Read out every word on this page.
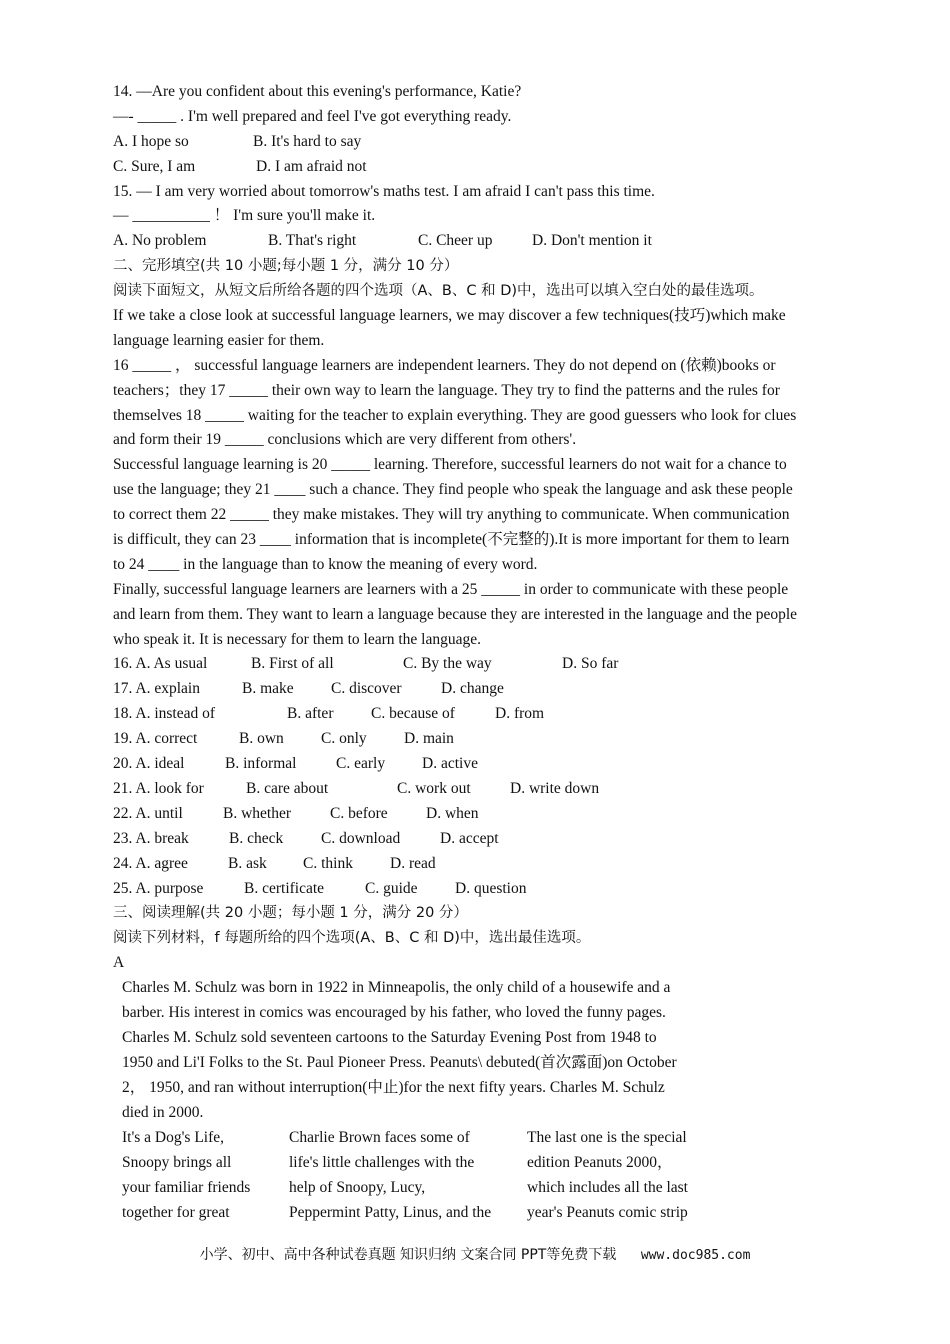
14. —Are you confident about this evening's performance, Katie?
—- _____ . I'm well prepared and feel I've got everything ready.
A. I hope so	B. It's hard to say
C. Sure, I am	D. I am afraid not
15. — I am very worried about tomorrow's maths test. I am afraid I can't pass this time.
— __________ ！ I'm sure you'll make it.
A. No problem	B. That's right	C. Cheer up	D. Don't mention it
二、完形填空(共 10 小题;每小题 1 分，满分 10 分）
阅读下面短文，从短文后所给各题的四个选项（A、B、C 和 D)中，选出可以填入空白处的最佳选项。
If we take a close look at successful language learners, we may discover a few techniques(技巧)which make
language learning easier for them.
16 _____ ， successful language learners are independent learners. They do not depend on (依赖)books or
teachers；they 17 _____ their own way to learn the language. They try to find the patterns and the rules for
themselves 18 _____ waiting for the teacher to explain everything. They are good guessers who look for clues
and form their 19 _____ conclusions which are very different from others'.
Successful language learning is 20 _____ learning. Therefore, successful learners do not wait for a chance to
use the language; they 21 ____ such a chance. They find people who speak the language and ask these people
to correct them 22 _____ they make mistakes. They will try anything to communicate. When communication
is difficult, they can 23 ____ information that is incomplete(不完整的).It is more important for them to learn
to 24 ____ in the language than to know the meaning of every word.
Finally, successful language learners are learners with a 25 _____ in order to communicate with these people
and learn from them. They want to learn a language because they are interested in the language and the people
who speak it. It is necessary for them to learn the language.
16. A. As usual	B. First of all	C. By the way	D. So far
17. A. explain	B. make	C. discover	D. change
18. A. instead of	B. after	C. because of	D. from
19. A. correct	B. own	C. only	D. main
20. A. ideal	B. informal	C. early	D. active
21. A. look for	B. care about	C. work out	D. write down
22. A. until	B. whether	C. before	D. when
23. A. break	B. check	C. download	D. accept
24. A. agree	B. ask	C. think	D. read
25. A. purpose	B. certificate	C. guide	D. question
三、阅读理解(共 20 小题；每小题 1 分，满分 20 分）
阅读下列材料，f 每题所给的四个选项(A、B、C 和 D)中，选出最佳选项。
A
Charles M. Schulz was born in 1922 in Minneapolis, the only child of a housewife and a
barber. His interest in comics was encouraged by his father, who loved the funny pages.
Charles M. Schulz sold seventeen cartoons to the Saturday Evening Post from 1948 to
1950 and Li'I Folks to the St. Paul Pioneer Press. Peanuts\ debuted(首次露面)on October
2， 1950, and ran without interruption(中止)for the next fifty years. Charles M. Schulz
died in 2000.
It's a Dog's Life,
Snoopy brings all
your familiar friends
together for great
Charlie Brown faces some of
life's little challenges with the
help of Snoopy, Lucy,
Peppermint Patty, Linus, and the
The last one is the special
edition Peanuts 2000，
which includes all the last
year's Peanuts comic strip
小学、初中、高中各种试卷真题 知识归纳 文案合同 PPT等免费下载 www.doc985.com
